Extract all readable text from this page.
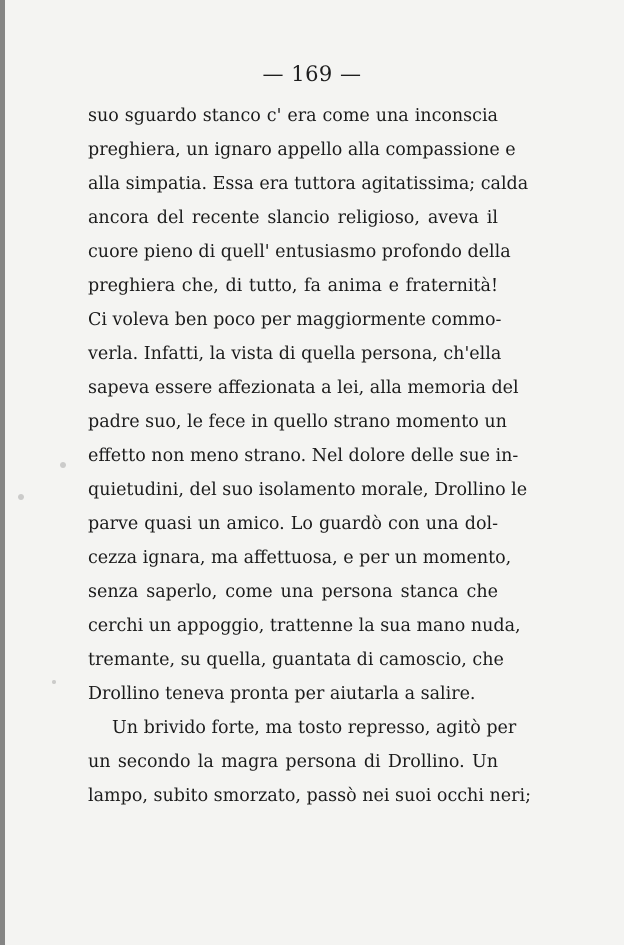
— 169 —
suo sguardo stanco c' era come una inconscia
preghiera, un ignaro appello alla compassione e
alla simpatia. Essa era tuttora agitatissima; calda
ancora del recente slancio religioso, aveva il
cuore pieno di quell' entusiasmo profondo della
preghiera che, di tutto, fa anima e fraternità!
Ci voleva ben poco per maggiormente commo-
verla. Infatti, la vista di quella persona, ch'ella
sapeva essere affezionata a lei, alla memoria del
padre suo, le fece in quello strano momento un
effetto non meno strano. Nel dolore delle sue in-
quietudini, del suo isolamento morale, Drollino le
parve quasi un amico. Lo guardò con una dol-
cezza ignara, ma affettuosa, e per un momento,
senza saperlo, come una persona stanca che
cerchi un appoggio, trattenne la sua mano nuda,
tremante, su quella, guantata di camoscio, che
Drollino teneva pronta per aiutarla a salire.
Un brivido forte, ma tosto represso, agitò per
un secondo la magra persona di Drollino. Un
lampo, subito smorzato, passò nei suoi occhi neri;
